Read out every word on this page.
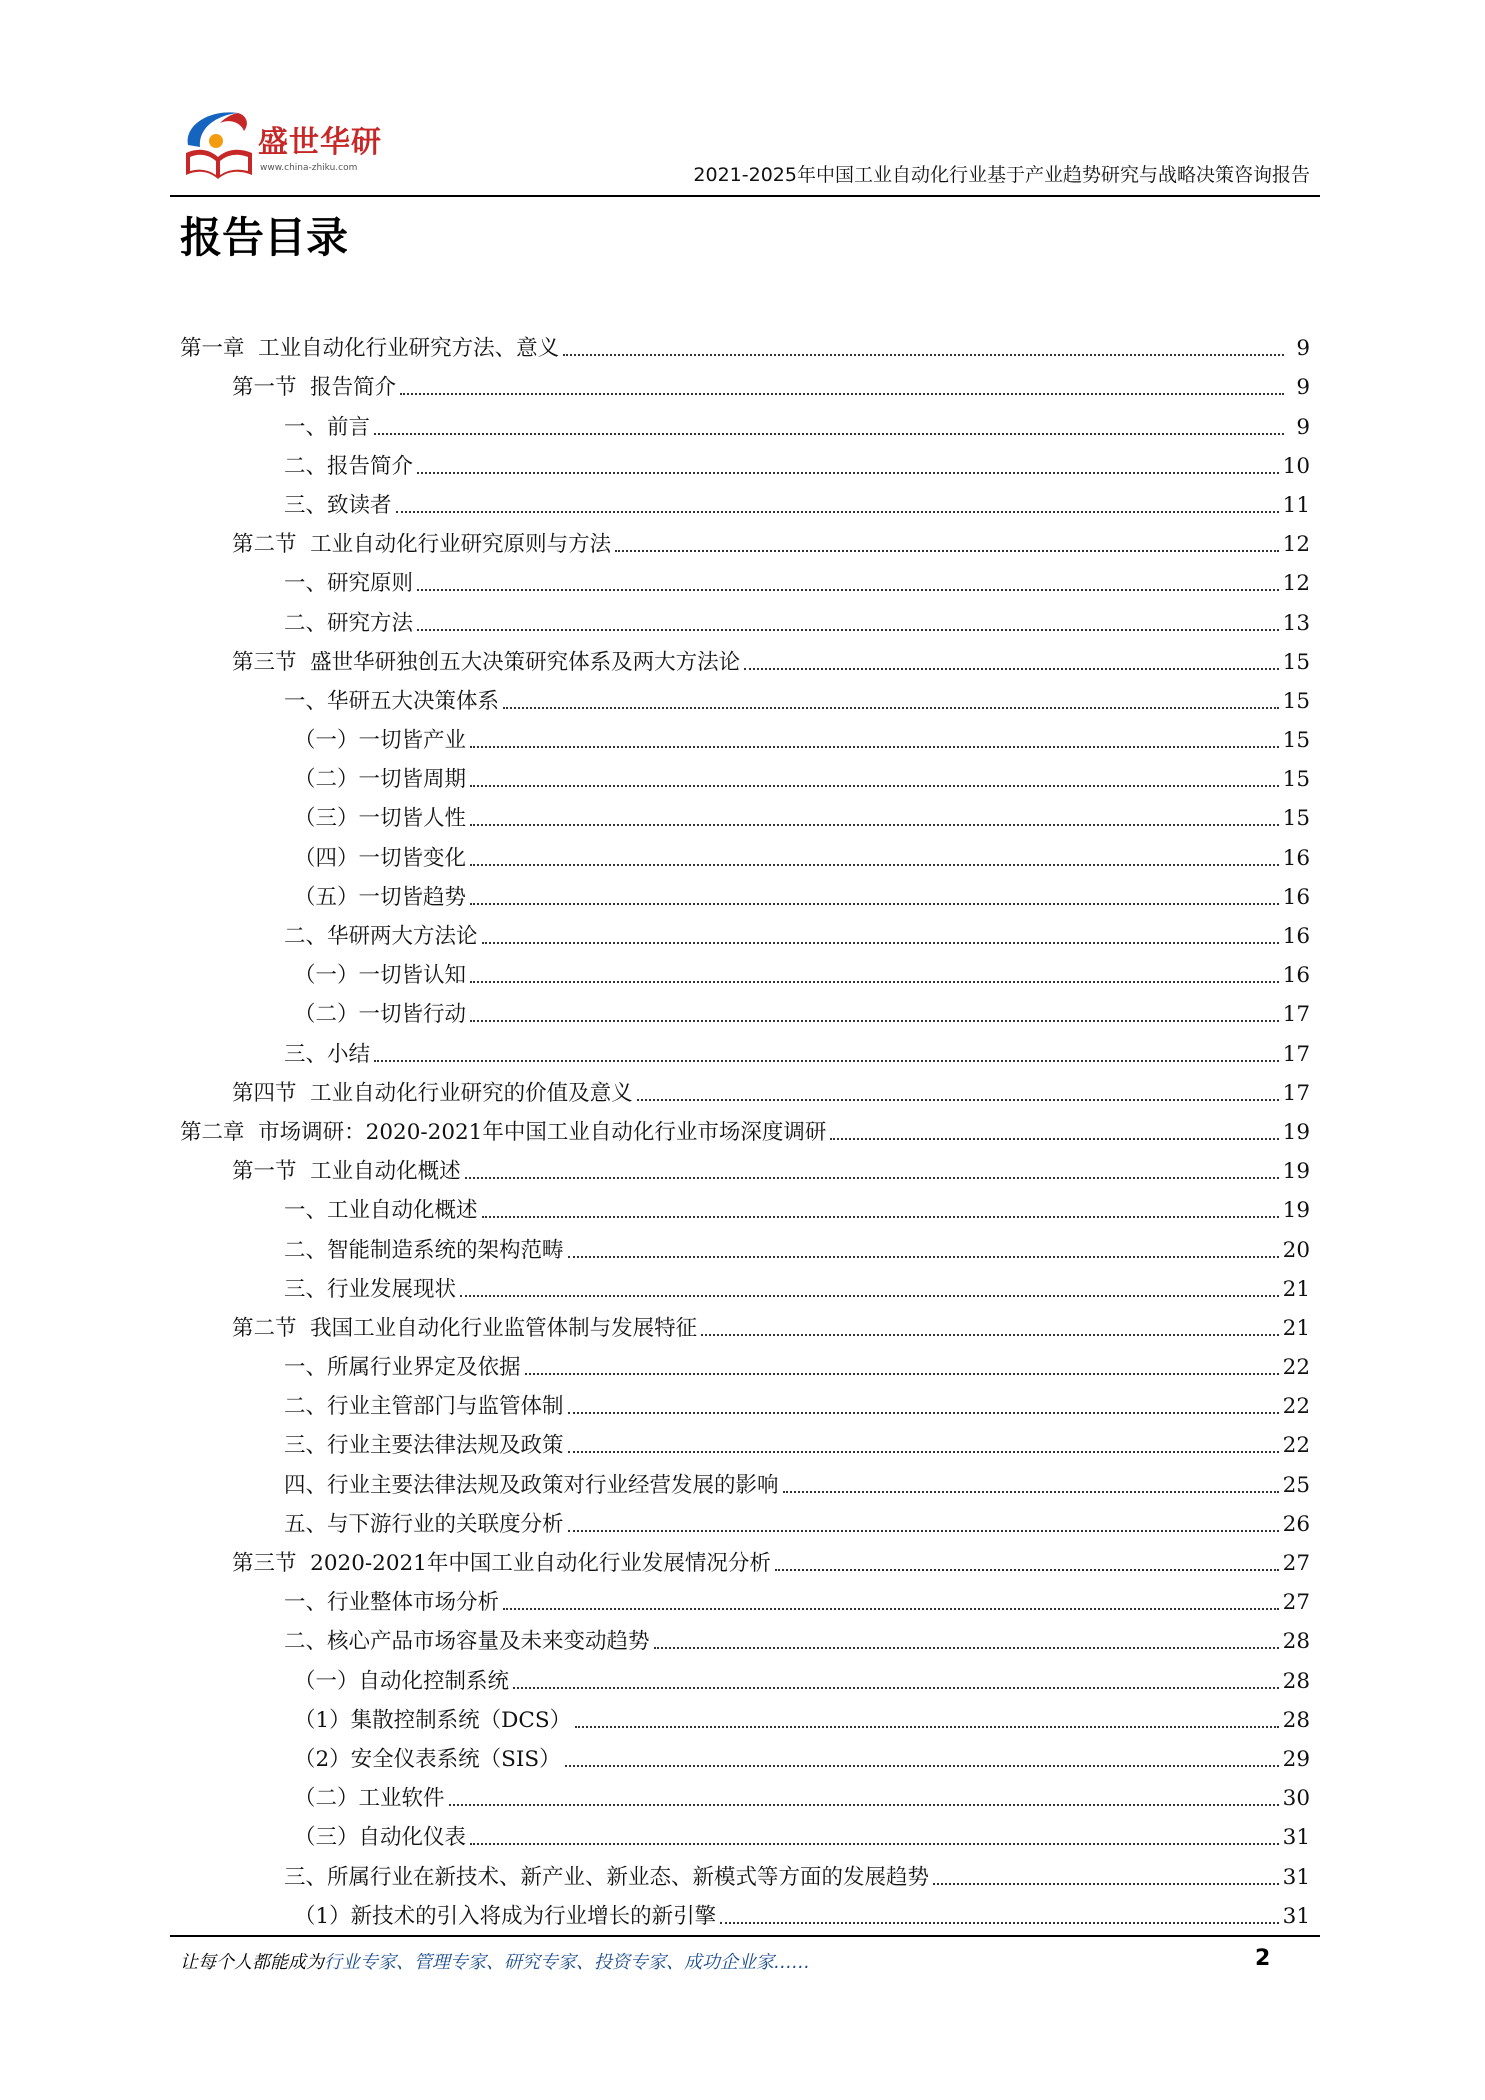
盛世华研
www.china-zhiku.com	2021-2025年中国工业自动化行业基于产业趋势研究与战略决策咨询报告
报告目录
第一章  工业自动化行业研究方法、意义	9
第一节  报告简介	9
一、前言	9
二、报告简介	10
三、致读者	11
第二节  工业自动化行业研究原则与方法	12
一、研究原则	12
二、研究方法	13
第三节  盛世华研独创五大决策研究体系及两大方法论	15
一、华研五大决策体系	15
（一）一切皆产业	15
（二）一切皆周期	15
（三）一切皆人性	15
（四）一切皆变化	16
（五）一切皆趋势	16
二、华研两大方法论	16
（一）一切皆认知	16
（二）一切皆行动	17
三、小结	17
第四节  工业自动化行业研究的价值及意义	17
第二章  市场调研：2020-2021年中国工业自动化行业市场深度调研	19
第一节  工业自动化概述	19
一、工业自动化概述	19
二、智能制造系统的架构范畴	20
三、行业发展现状	21
第二节  我国工业自动化行业监管体制与发展特征	21
一、所属行业界定及依据	22
二、行业主管部门与监管体制	22
三、行业主要法律法规及政策	22
四、行业主要法律法规及政策对行业经营发展的影响	25
五、与下游行业的关联度分析	26
第三节  2020-2021年中国工业自动化行业发展情况分析	27
一、行业整体市场分析	27
二、核心产品市场容量及未来变动趋势	28
（一）自动化控制系统	28
（1）集散控制系统（DCS）	28
（2）安全仪表系统（SIS）	29
（二）工业软件	30
（三）自动化仪表	31
三、所属行业在新技术、新产业、新业态、新模式等方面的发展趋势	31
（1）新技术的引入将成为行业增长的新引擎	31
让每个人都能成为行业专家、管理专家、研究专家、投资专家、成功企业家……	2
